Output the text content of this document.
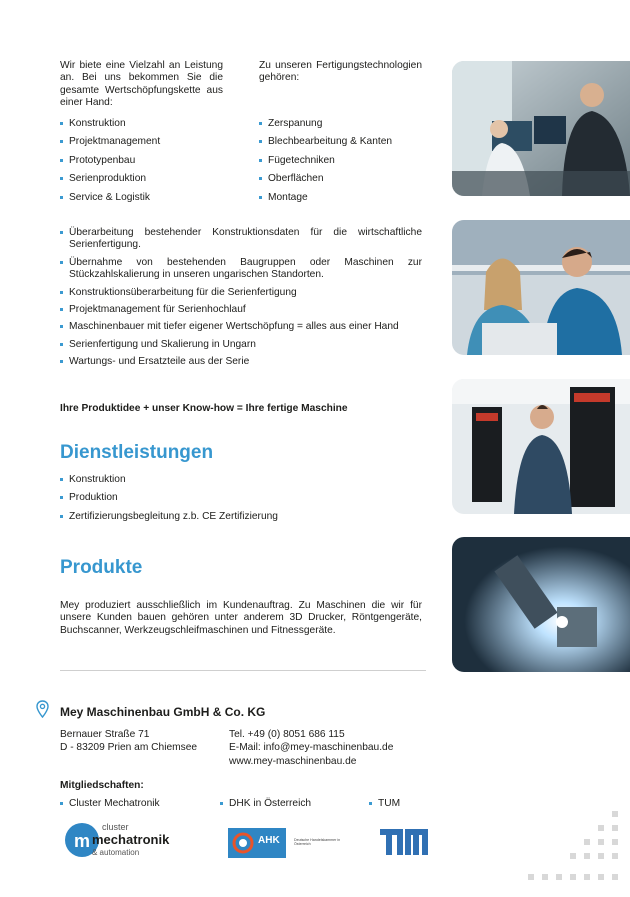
Wir biete eine Vielzahl an Leistung an. Bei uns bekommen Sie die gesamte Wertschöpfungskette aus einer Hand:
Konstruktion
Projektmanagement
Prototypenbau
Serienproduktion
Service & Logistik
Zu unseren Fertigungstechnologien gehören:
Zerspanung
Blechbearbeitung & Kanten
Fügetechniken
Oberflächen
Montage
Überarbeitung bestehender Konstruktionsdaten für die wirtschaftliche Serienfertigung.
Übernahme von bestehenden Baugruppen oder Maschinen zur Stückzahlskalierung in unseren ungarischen Standorten.
Konstruktionsüberarbeitung für die Serienfertigung
Projektmanagement für Serienhochlauf
Maschinenbauer mit tiefer eigener Wertschöpfung = alles aus einer Hand
Serienfertigung und Skalierung in Ungarn
Wartungs- und Ersatzteile aus der Serie
Ihre Produktidee + unser Know-how = Ihre fertige Maschine
Dienstleistungen
Konstruktion
Produktion
Zertifizierungsbegleitung z.b. CE Zertifizierung
Produkte
Mey produziert ausschließlich im Kundenauftrag. Zu Maschinen die wir für unsere Kunden bauen gehören unter anderem 3D Drucker, Röntgengeräte, Buchscanner, Werkzeugschleifmaschinen und Fitnessgeräte.
Mey Maschinenbau GmbH & Co. KG
Bernauer Straße 71
D - 83209 Prien am Chiemsee
Tel. +49 (0) 8051 686 115
E-Mail: info@mey-maschinenbau.de
www.mey-maschinenbau.de
Mitgliedschaften:
Cluster Mechatronik	DHK in Österreich	TUM
m
cluster
mechatronik
& automation
AHK	Deutsche Handelskammer in Österreich
